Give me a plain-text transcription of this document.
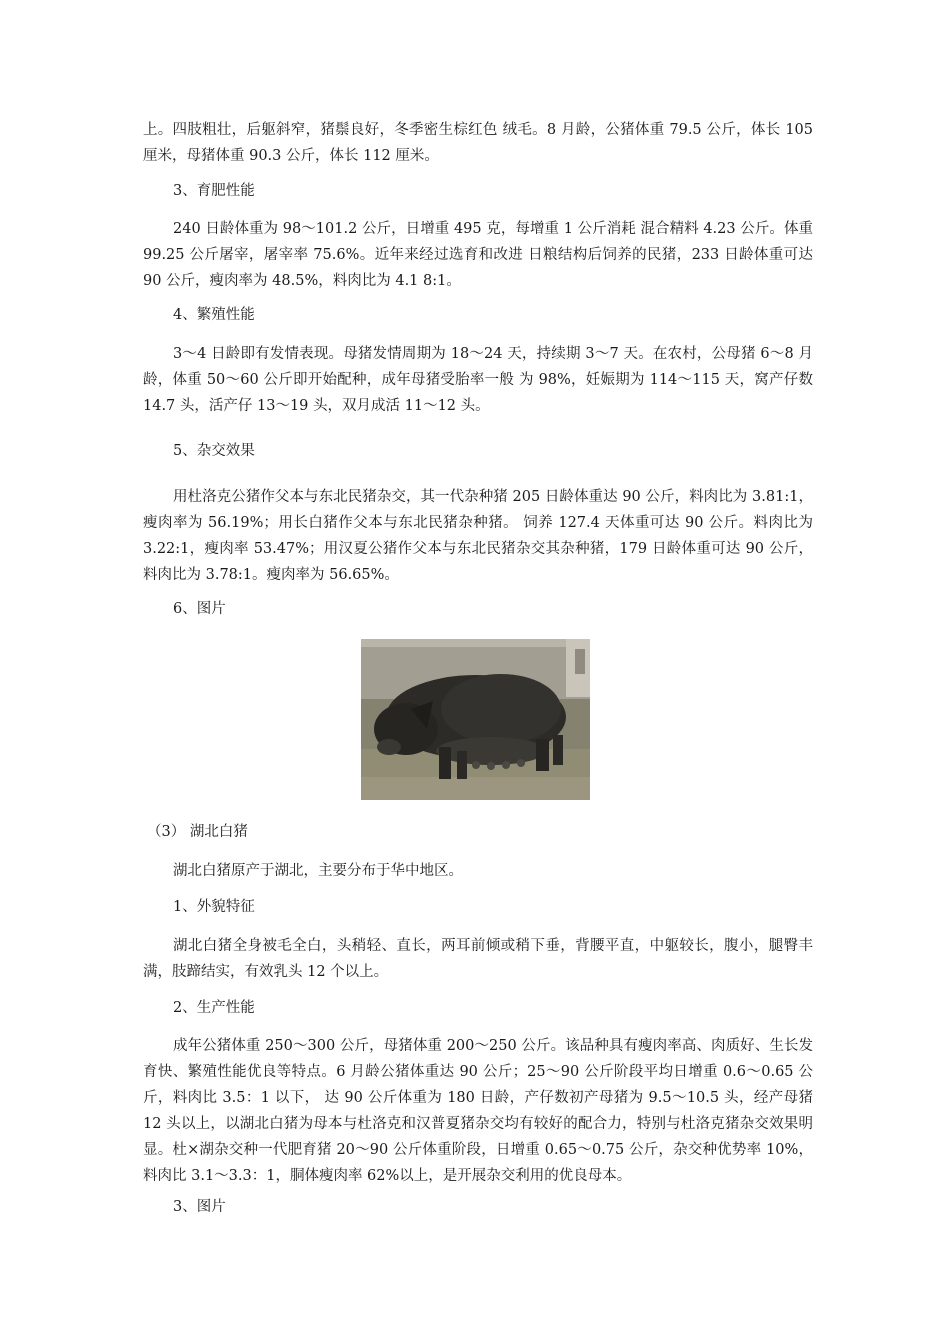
上。四肢粗壮，后躯斜窄，猪鬃良好，冬季密生棕红色 绒毛。8 月龄，公猪体重 79.5 公斤，体长 105 厘米，母猪体重 90.3 公斤，体长 112 厘米。

3、育肥性能

240 日龄体重为 98～101.2 公斤，日增重 495 克，每增重 1 公斤消耗 混合精料 4.23 公斤。体重 99.25 公斤屠宰，屠宰率 75.6%。近年来经过选育和改进 日粮结构后饲养的民猪，233 日龄体重可达 90 公斤，瘦肉率为 48.5%，料肉比为 4.1 8:1。

4、繁殖性能

3～4 日龄即有发情表现。母猪发情周期为 18～24 天，持续期 3～7 天。在农村，公母猪 6～8 月龄，体重 50～60 公斤即开始配种，成年母猪受胎率一般 为 98%，妊娠期为 114～115 天，窝产仔数 14.7 头，活产仔 13～19 头，双月成活 11～12 头。

5、杂交效果

用杜洛克公猪作父本与东北民猪杂交，其一代杂种猪 205 日龄体重达 90 公斤，料肉比为 3.81:1，瘦肉率为 56.19%；用长白猪作父本与东北民猪杂种猪。 饲养 127.4 天体重可达 90 公斤。料肉比为 3.22:1，瘦肉率 53.47%；用汉夏公猪作父本与东北民猪杂交其杂种猪，179 日龄体重可达 90 公斤，料肉比为 3.78:1。瘦肉率为 56.65%。

6、图片

（3） 湖北白猪

湖北白猪原产于湖北，主要分布于华中地区。

1、外貌特征

湖北白猪全身被毛全白，头稍轻、直长，两耳前倾或稍下垂，背腰平直，中躯较长，腹小，腿臀丰满，肢蹄结实，有效乳头 12 个以上。

2、生产性能

成年公猪体重 250～300 公斤，母猪体重 200～250 公斤。该品种具有瘦肉率高、肉质好、生长发育快、繁殖性能优良等特点。6 月龄公猪体重达 90 公斤；25～90 公斤阶段平均日增重 0.6～0.65 公斤，料肉比 3.5：1 以下， 达 90 公斤体重为 180 日龄，产仔数初产母猪为 9.5～10.5 头，经产母猪 12 头以上，以湖北白猪为母本与杜洛克和汉普夏猪杂交均有较好的配合力，特别与杜洛克猪杂交效果明显。杜×湖杂交种一代肥育猪 20～90 公斤体重阶段，日增重 0.65～0.75 公斤，杂交种优势率 10%，料肉比 3.1～3.3：1，胴体瘦肉率 62%以上，是开展杂交利用的优良母本。

3、图片
